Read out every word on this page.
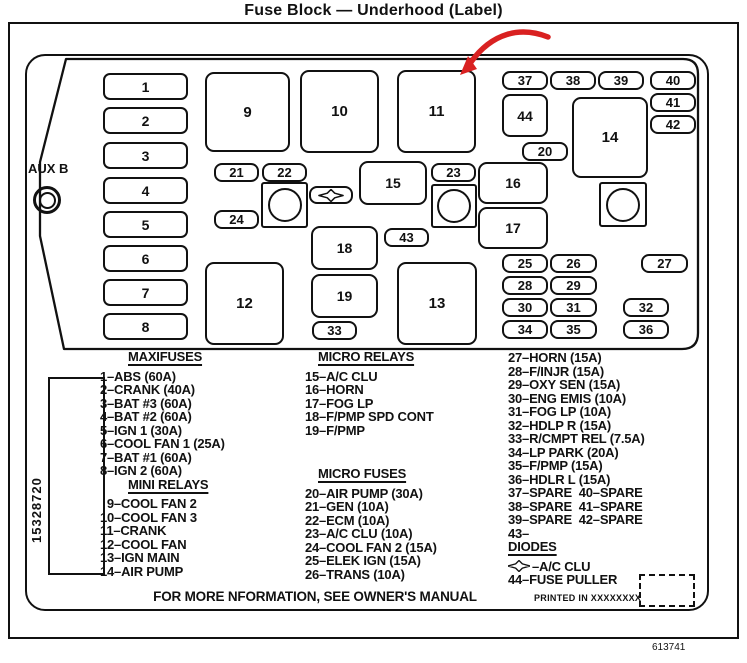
Fuse Block — Underhood (Label)
1
2
3
4
5
6
7
8
9	10	11
12	13
14
15	16
17
18
19
20
21	22	23
24
25	26	27
28	29
30	31	32
33	34	35	36
37	38	39	40
41
42
43
44
AUX B
15328720
MAXIFUSES
1–ABS (60A)
2–CRANK (40A)
3–BAT #3 (60A)
4–BAT #2 (60A)
5–IGN 1 (30A)
6–COOL FAN 1 (25A)
7–BAT #1 (60A)
8–IGN 2 (60A)
MINI RELAYS
9–COOL FAN 2
10–COOL FAN 3
11–CRANK
12–COOL FAN
13–IGN MAIN
14–AIR PUMP
MICRO RELAYS
15–A/C CLU
16–HORN
17–FOG LP
18–F/PMP SPD CONT
19–F/PMP
MICRO FUSES
20–AIR PUMP (30A)
21–GEN (10A)
22–ECM (10A)
23–A/C CLU (10A)
24–COOL FAN 2 (15A)
25–ELEK IGN (15A)
26–TRANS (10A)
27–HORN (15A)
28–F/INJR (15A)
29–OXY SEN (15A)
30–ENG EMIS (10A)
31–FOG LP (10A)
32–HDLP R (15A)
33–R/CMPT REL (7.5A)
34–LP PARK (20A)
35–F/PMP (15A)
36–HDLR L (15A)
37–SPARE  40–SPARE
38–SPARE  41–SPARE
39–SPARE  42–SPARE
43–
DIODES
–A/C CLU
44–FUSE PULLER
FOR MORE NFORMATION, SEE OWNER'S MANUAL	PRINTED IN XXXXXXXX
613741
